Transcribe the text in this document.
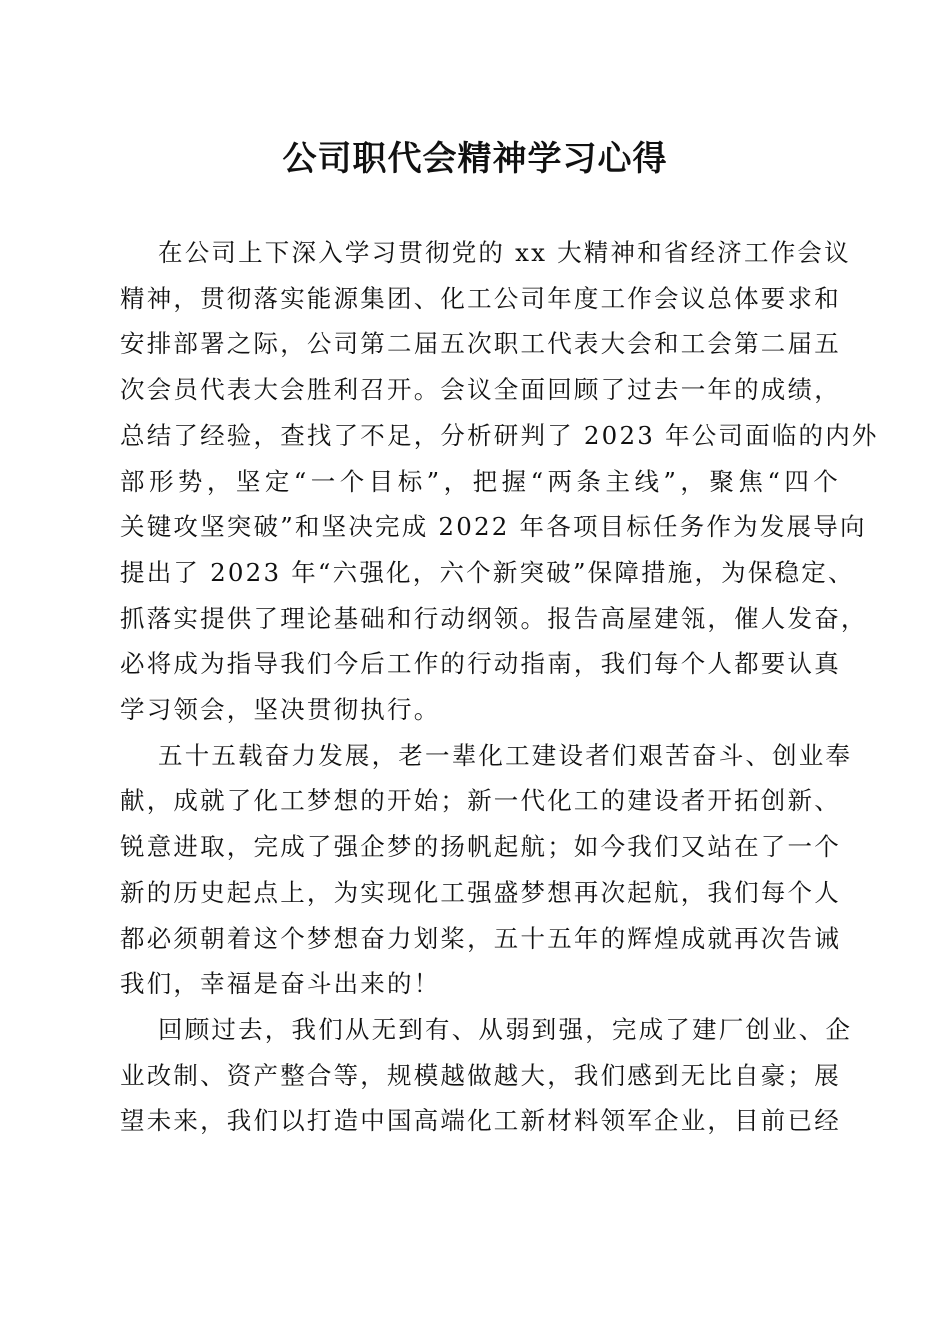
公司职代会精神学习心得

在公司上下深入学习贯彻党的 xx 大精神和省经济工作会议
精神，贯彻落实能源集团、化工公司年度工作会议总体要求和
安排部署之际，公司第二届五次职工代表大会和工会第二届五
次会员代表大会胜利召开。会议全面回顾了过去一年的成绩，
总结了经验，查找了不足，分析研判了 2023 年公司面临的内外
部形势，坚定“一个目标”，把握“两条主线”，聚焦“四个
关键攻坚突破”和坚决完成 2022 年各项目标任务作为发展导向
提出了 2023 年“六强化，六个新突破”保障措施，为保稳定、
抓落实提供了理论基础和行动纲领。报告高屋建瓴，催人发奋，
必将成为指导我们今后工作的行动指南，我们每个人都要认真
学习领会，坚决贯彻执行。

五十五载奋力发展，老一辈化工建设者们艰苦奋斗、创业奉
献，成就了化工梦想的开始；新一代化工的建设者开拓创新、
锐意进取，完成了强企梦的扬帆起航；如今我们又站在了一个
新的历史起点上，为实现化工强盛梦想再次起航，我们每个人
都必须朝着这个梦想奋力划桨，五十五年的辉煌成就再次告诫
我们，幸福是奋斗出来的！

回顾过去，我们从无到有、从弱到强，完成了建厂创业、企
业改制、资产整合等，规模越做越大，我们感到无比自豪；展
望未来，我们以打造中国高端化工新材料领军企业，目前已经
